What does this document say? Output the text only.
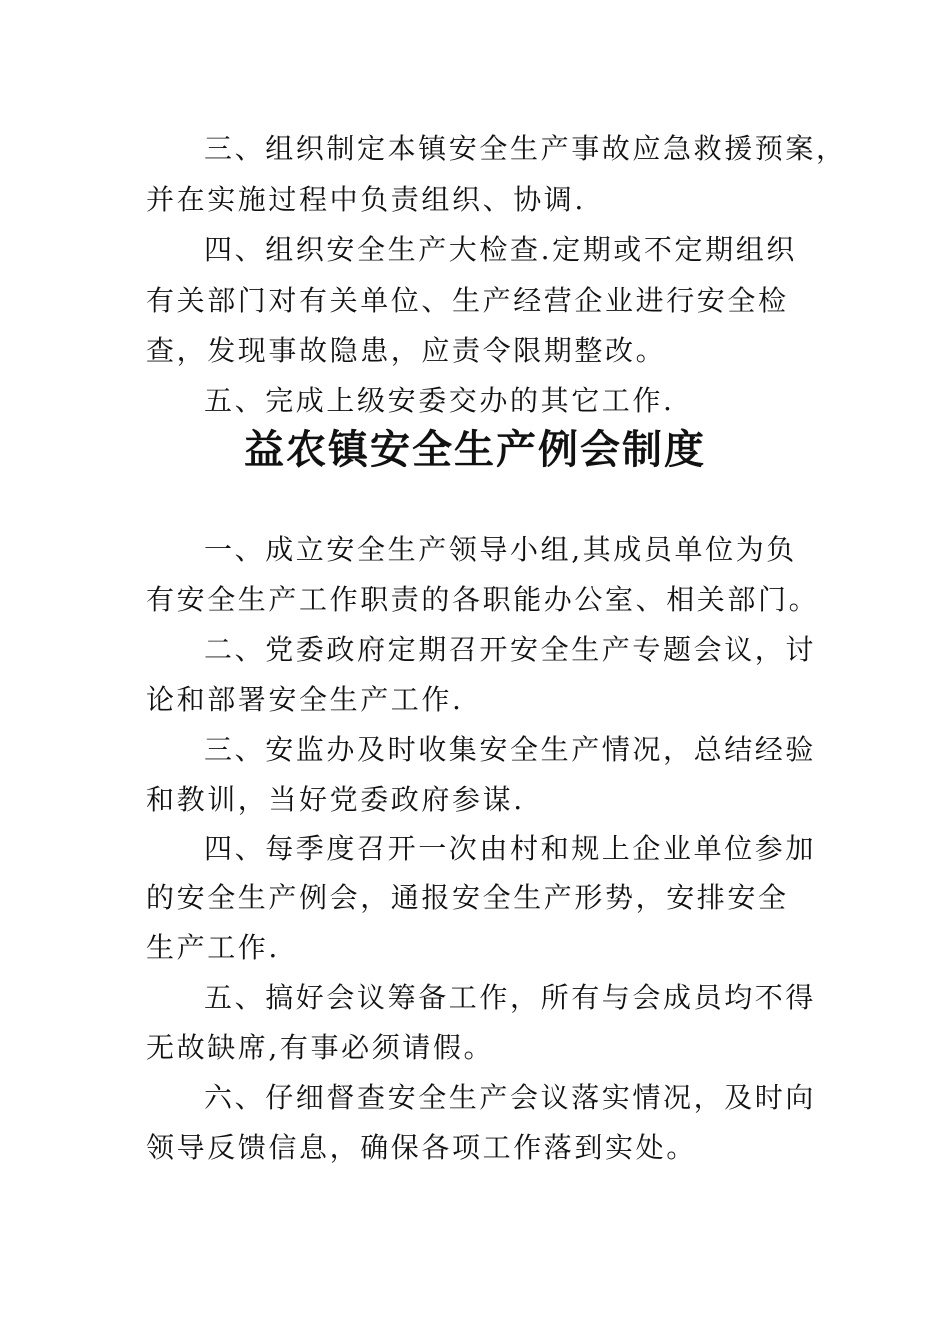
三、组织制定本镇安全生产事故应急救援预案，
并在实施过程中负责组织、协调.
四、组织安全生产大检查.定期或不定期组织
有关部门对有关单位、生产经营企业进行安全检
查，发现事故隐患，应责令限期整改。
五、完成上级安委交办的其它工作.
益农镇安全生产例会制度
一、成立安全生产领导小组,其成员单位为负
有安全生产工作职责的各职能办公室、相关部门。
二、党委政府定期召开安全生产专题会议，讨
论和部署安全生产工作.
三、安监办及时收集安全生产情况，总结经验
和教训，当好党委政府参谋.
四、每季度召开一次由村和规上企业单位参加
的安全生产例会，通报安全生产形势，安排安全
生产工作.
五、搞好会议筹备工作，所有与会成员均不得
无故缺席,有事必须请假。
六、仔细督查安全生产会议落实情况，及时向
领导反馈信息，确保各项工作落到实处。
